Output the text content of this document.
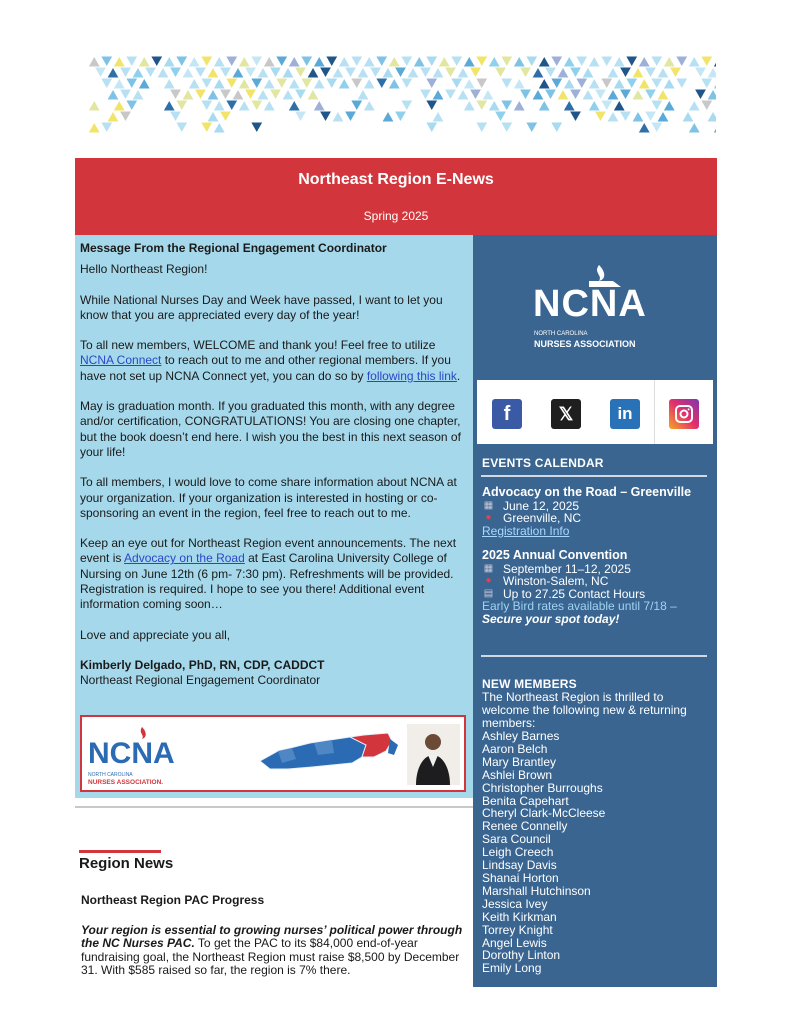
Northeast Region E-News
Spring 2025
Message From the Regional Engagement Coordinator

Hello Northeast Region!

While National Nurses Day and Week have passed, I want to let you know that you are appreciated every day of the year!

To all new members, WELCOME and thank you! Feel free to utilize NCNA Connect to reach out to me and other regional members. If you have not set up NCNA Connect yet, you can do so by following this link.

May is graduation month. If you graduated this month, with any degree and/or certification, CONGRATULATIONS! You are closing one chapter, but the book doesn’t end here. I wish you the best in this next season of your life!

To all members, I would love to come share information about NCNA at your organization. If your organization is interested in hosting or co-sponsoring an event in the region, feel free to reach out to me.

Keep an eye out for Northeast Region event announcements. The next event is Advocacy on the Road at East Carolina University College of Nursing on June 12th (6 pm- 7:30 pm). Refreshments will be provided. Registration is required. I hope to see you there! Additional event information coming soon…

Love and appreciate you all,

Kimberly Delgado, PhD, RN, CDP, CADDCT
Northeast Regional Engagement Coordinator
NCNA
NORTH CAROLINA
NURSES ASSOCIATION.
Region News
Northeast Region PAC Progress
Your region is essential to growing nurses’ political power through the NC Nurses PAC. To get the PAC to its $84,000 end-of-year fundraising goal, the Northeast Region must raise $8,500 by December 31. With $585 raised so far, the region is 7% there.
NCNA
NORTH CAROLINA
NURSES ASSOCIATION
f	𝕏	in
EVENTS CALENDAR
Advocacy on the Road – Greenville
▦ June 12, 2025
● Greenville, NC
Registration Info
2025 Annual Convention
▦ September 11–12, 2025
● Winston-Salem, NC
▤ Up to 27.25 Contact Hours
Early Bird rates available until 7/18 –
Secure your spot today!
NEW MEMBERS
The Northeast Region is thrilled to welcome the following new & returning members:
Ashley Barnes
Aaron Belch
Mary Brantley
Ashlei Brown
Christopher Burroughs
Benita Capehart
Cheryl Clark-McCleese
Renee Connelly
Sara Council
Leigh Creech
Lindsay Davis
Shanai Horton
Marshall Hutchinson
Jessica Ivey
Keith Kirkman
Torrey Knight
Angel Lewis
Dorothy Linton
Emily Long
